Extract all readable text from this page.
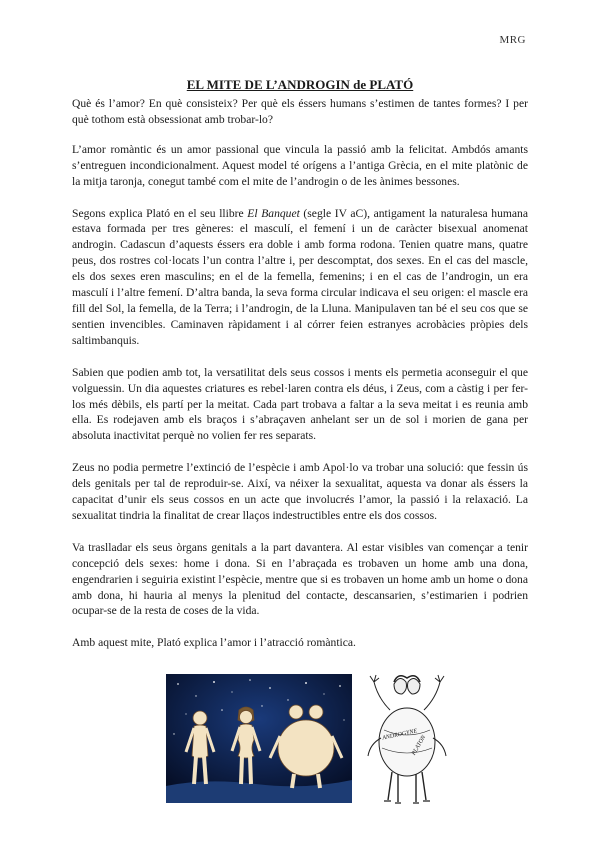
MRG
EL MITE DE L’ANDROGIN de PLATÓ

Què és l’amor? En què consisteix? Per què els éssers humans s’estimen de tantes formes? I per què tothom està obsessionat amb trobar-lo?

L’amor romàntic és un amor passional que vincula la passió amb la felicitat. Ambdós amants s’entreguen incondicionalment. Aquest model té orígens a l’antiga Grècia, en el mite platònic de la mitja taronja, conegut també com el mite de l’androgin o de les ànimes bessones.

Segons explica Plató en el seu llibre El Banquet (segle IV aC), antigament la naturalesa humana estava formada per tres gèneres: el masculí, el femení i un de caràcter bisexual anomenat androgin. Cadascun d’aquests éssers era doble i amb forma rodona. Tenien quatre mans, quatre peus, dos rostres col·locats l’un contra l’altre i, per descomptat, dos sexes. En el cas del mascle, els dos sexes eren masculins; en el de la femella, femenins; i en el cas de l’androgin, un era masculí i l’altre femení. D’altra banda, la seva forma circular indicava el seu origen: el mascle era fill del Sol, la femella, de la Terra; i l’androgin, de la Lluna. Manipulaven tan bé el seu cos que se sentien invencibles. Caminaven ràpidament i al córrer feien estranyes acrobàcies pròpies dels saltimbanquis.

Sabien que podien amb tot, la versatilitat dels seus cossos i ments els permetia aconseguir el que volguessin. Un dia aquestes criatures es rebel·laren contra els déus, i Zeus, com a càstig i per fer-los més dèbils, els partí per la meitat. Cada part trobava a faltar a la seva meitat i es reunia amb ella. Es rodejaven amb els braços i s’abraçaven anhelant ser un de sol i morien de gana per absoluta inactivitat perquè no volien fer res separats.

Zeus no podia permetre l’extinció de l’espècie i amb Apol·lo va trobar una solució: que fessin ús dels genitals per tal de reproduir-se. Així, va néixer la sexualitat, aquesta va donar als éssers la capacitat d’unir els seus cossos en un acte que involucrés l’amor, la passió i la relaxació. La sexualitat tindria la finalitat de crear llaços indestructibles entre els dos cossos.

Va traslladar els seus òrgans genitals a la part davantera. Al estar visibles van començar a tenir concepció dels sexes: home i dona. Si en l’abraçada es trobaven un home amb una dona, engendrarien i seguiria existint l’espècie, mentre que si es trobaven un home amb un home o dona amb dona, hi hauria al menys la plenitud del contacte, descansarien, s’estimarien i podrien ocupar-se de la resta de coses de la vida.

Amb aquest mite, Plató explica l’amor i l’atracció romàntica.

ANDROGYNE
PLATON
